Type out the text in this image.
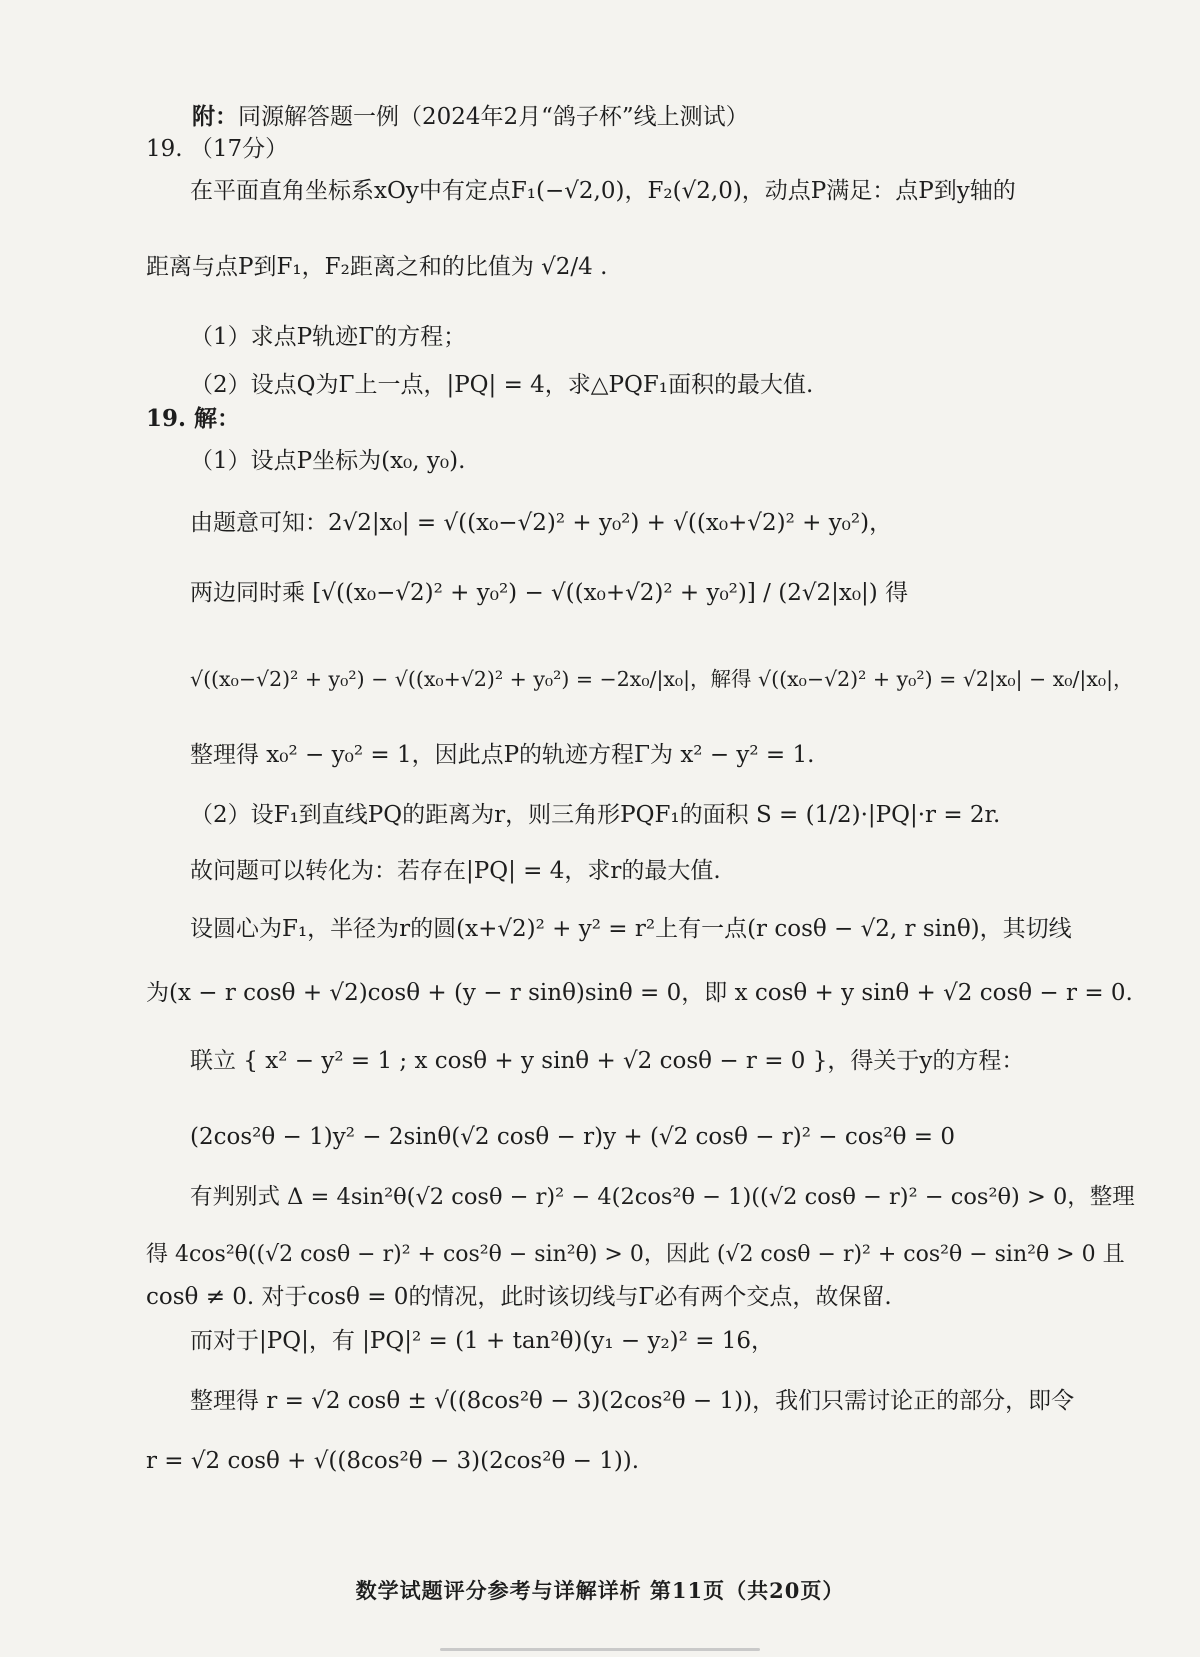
附：同源解答题一例（2024年2月“鸽子杯”线上测试）
19. （17分）
在平面直角坐标系xOy中有定点F₁(−√2,0)，F₂(√2,0)，动点P满足：点P到y轴的
距离与点P到F₁，F₂距离之和的比值为 √2/4 .
（1）求点P轨迹Γ的方程；
（2）设点Q为Γ上一点，|PQ| = 4，求△PQF₁面积的最大值.
19. 解：
（1）设点P坐标为(x₀, y₀).
由题意可知：2√2|x₀| = √((x₀−√2)² + y₀²) + √((x₀+√2)² + y₀²)，
两边同时乘 [√((x₀−√2)² + y₀²) − √((x₀+√2)² + y₀²)] / (2√2|x₀|) 得
√((x₀−√2)² + y₀²) − √((x₀+√2)² + y₀²) = −2x₀/|x₀|，解得 √((x₀−√2)² + y₀²) = √2|x₀| − x₀/|x₀|，
整理得 x₀² − y₀² = 1，因此点P的轨迹方程Γ为 x² − y² = 1.
（2）设F₁到直线PQ的距离为r，则三角形PQF₁的面积 S = (1/2)·|PQ|·r = 2r.
故问题可以转化为：若存在|PQ| = 4，求r的最大值.
设圆心为F₁，半径为r的圆(x+√2)² + y² = r²上有一点(r cosθ − √2, r sinθ)，其切线
为(x − r cosθ + √2)cosθ + (y − r sinθ)sinθ = 0，即 x cosθ + y sinθ + √2 cosθ − r = 0.
联立 { x² − y² = 1 ; x cosθ + y sinθ + √2 cosθ − r = 0 }，得关于y的方程：
(2cos²θ − 1)y² − 2sinθ(√2 cosθ − r)y + (√2 cosθ − r)² − cos²θ = 0
有判别式 Δ = 4sin²θ(√2 cosθ − r)² − 4(2cos²θ − 1)((√2 cosθ − r)² − cos²θ) > 0，整理
得 4cos²θ((√2 cosθ − r)² + cos²θ − sin²θ) > 0，因此 (√2 cosθ − r)² + cos²θ − sin²θ > 0 且
cosθ ≠ 0. 对于cosθ = 0的情况，此时该切线与Γ必有两个交点，故保留.
而对于|PQ|，有 |PQ|² = (1 + tan²θ)(y₁ − y₂)² = 16，
整理得 r = √2 cosθ ± √((8cos²θ − 3)(2cos²θ − 1))，我们只需讨论正的部分，即令
r = √2 cosθ + √((8cos²θ − 3)(2cos²θ − 1)).
数学试题评分参考与详解详析 第11页（共20页）
